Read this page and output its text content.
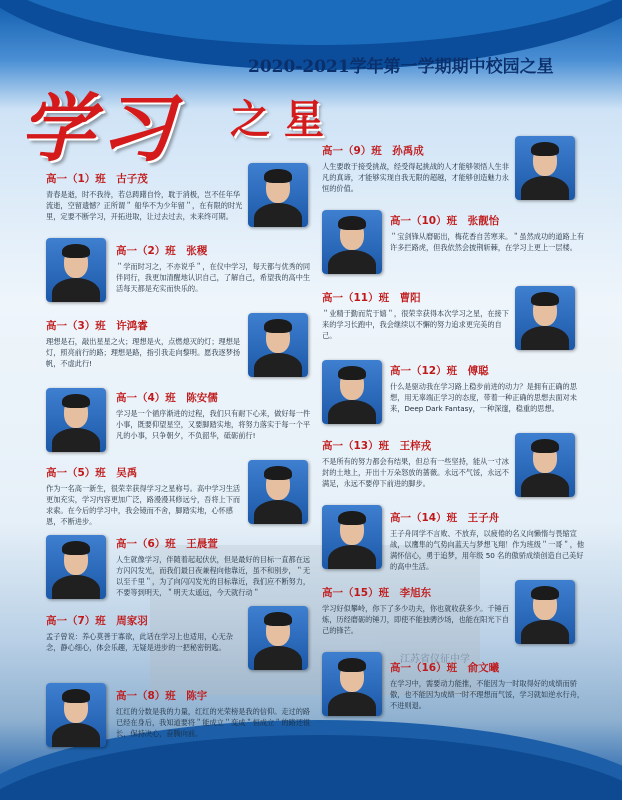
江苏省仪征中学
2020-2021学年第一学期期中校园之星
学习 之星
高一（1）班　古子茂
青春是逝，时不我待，若总踌躇自怜，耽于消极，岂不任年华流逝，空留遗憾？正所谓＂ 船华不为少年留＂，在有限的时光里，定要不断学习，开拓进取，让过去过去，未来终可期。
高一（2）班　张稷
＂学而时习之，不亦说乎＂，在仪中学习，每天都与优秀的同伴同行，我更加清醒地认识自己，了解自己，希望我的高中生活每天都是充实而快乐的。
高一（3）班　许鸿睿
理想是石，敲出星星之火；理想是火，点燃熄灭的灯；理想是灯，照亮前行的路；理想是路，指引我走向黎明。愿我逐梦扬帆，不虚此行!
高一（4）班　陈安儒
学习是一个循序渐进的过程，我们只有耐下心来，做好每一件小事，既要仰望星空，又要脚踏实地，将努力落实于每一个平凡的小事，只争朝夕，不负韶华，砥砺前行!
高一（5）班　吴禹
作为一名高一新生，很荣幸获得学习之星称号。高中学习生活更加充实，学习内容更加广泛，路漫漫其修远兮，吾将上下而求索。在今后的学习中，我会镜而不舍，脚踏实地，心怀感恩，不断进步。
高一（6）班　王晨萱
人生就像学习，伴随着起起伏伏，但是最好的目标一直都在远方闪闪发光，而我们最日夜兼程向他靠近，虽不和别步，＂无以至千里＂，为了向闪闪发光的目标靠近，我们应不断努力，不要等到明天，＂明天太遥远，今天就行动＂
高一（7）班　周家羽
孟子曾说：养心莫善于寡欲，此话在学习上也适用，心无杂念，静心细心，体会乐趣，无疑是进步的一把秘密钥匙。
高一（8）班　陈宇
红红的分数是我的力量，红红的光荣榜是我的信仰。走过的路已经在身后，我知道要将＂能成立＂变成＂恒成立＂的路还很长，保持决心，奋腾向前。
高一（9）班　孙禹成
人生要敢于接受挑战，经受得起挑战的人才能够领悟人生非凡的真谛，才能够实现自我无限的超越，才能够创造魅力永恒的价值。
高一（10）班　张靓怡
＂宝剑锋从磨砺出，梅花香自苦寒来。＂虽然成功的道路上有许多拦路虎，但我依然会披荆斩棘，在学习上更上一层楼。
高一（11）班　曹阳
＂业精于勤而荒于嬉＂，很荣幸获得本次学习之星，在接下来的学习长跑中，我会继续以不懈的努力追求更完美的自己。
高一（12）班　傅聪
什么是驱动我在学习路上稳步前进的动力？是拥有正确的思想，用无辜端正学习的态度，带着一种正确的思想去面对未来，Deep Dark Fantasy，一种深邃，稳重的思想。
高一（13）班　王梓戎
不是所有的努力都会有结果，但总有一些坚持，能从一寸冰封的土地上，开出十万朵怒放的蔷薇。永远不气馁，永远不满足，永远不要停下前进的脚步。
高一（14）班　王子舟
王子舟同学不言败、不放弃，以疲倦的名义向懒惰与畏缩宣战，以鹰隼的气势向蓝天与梦想飞翔！作为班级＂一哥＂，他满怀信心，勇于追梦，用年级 50 名的傲骄成绩创造自己美好的高中生活。
高一（15）班　李旭东
学习好似攀岭，你下了多少功夫，你也就收获多少。千锤百炼，历经磨砺的锤刀，即使不能独骋沙场，也能在阳光下自己的锋芒。
高一（16）班　俞文曦
在学习中，需要动力能推，不能因为一时取得好的成绩而骄傲，也不能因为成绩一时不理想而气馁，学习就如逆水行舟，不进则退。
